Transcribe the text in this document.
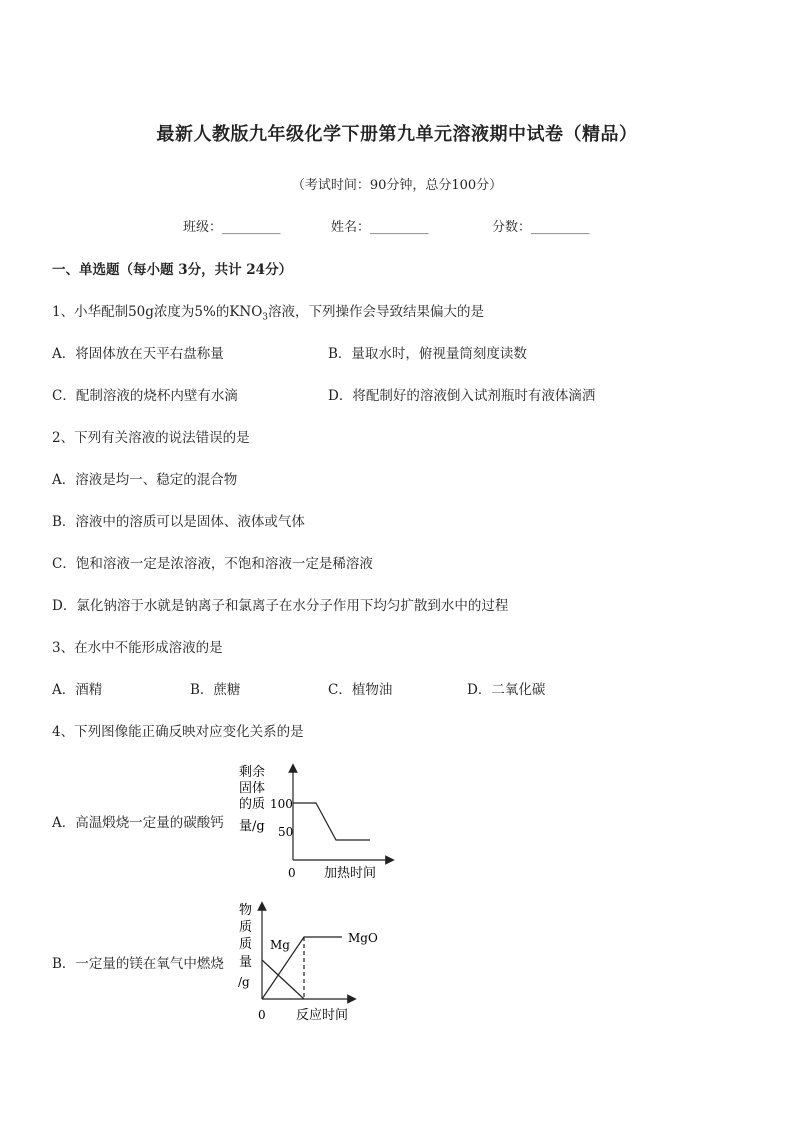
最新人教版九年级化学下册第九单元溶液期中试卷（精品）
（考试时间：90分钟，总分100分）
班级：_________	姓名：_________	分数：_________
一、单选题（每小题 3分，共计 24分）
1、小华配制50g浓度为5%的$KNO_3$溶液，下列操作会导致结果偏大的是
A．将固体放在天平右盘称量	B．量取水时，俯视量筒刻度读数
C．配制溶液的烧杯内壁有水滴	D．将配制好的溶液倒入试剂瓶时有液体滴洒
2、下列有关溶液的说法错误的是
A．溶液是均一、稳定的混合物
B．溶液中的溶质可以是固体、液体或气体
C．饱和溶液一定是浓溶液，不饱和溶液一定是稀溶液
D．氯化钠溶于水就是钠离子和氯离子在水分子作用下均匀扩散到水中的过程
3、在水中不能形成溶液的是
A．酒精	B．蔗糖	C．植物油	D．二氧化碳
4、下列图像能正确反映对应变化关系的是
A．高温煅烧一定量的碳酸钙
剩余
固体
的质
量/g
100
50
0 加热时间
B．一定量的镁在氧气中燃烧
物
质
质
量
/g
Mg	MgO
0 反应时间
